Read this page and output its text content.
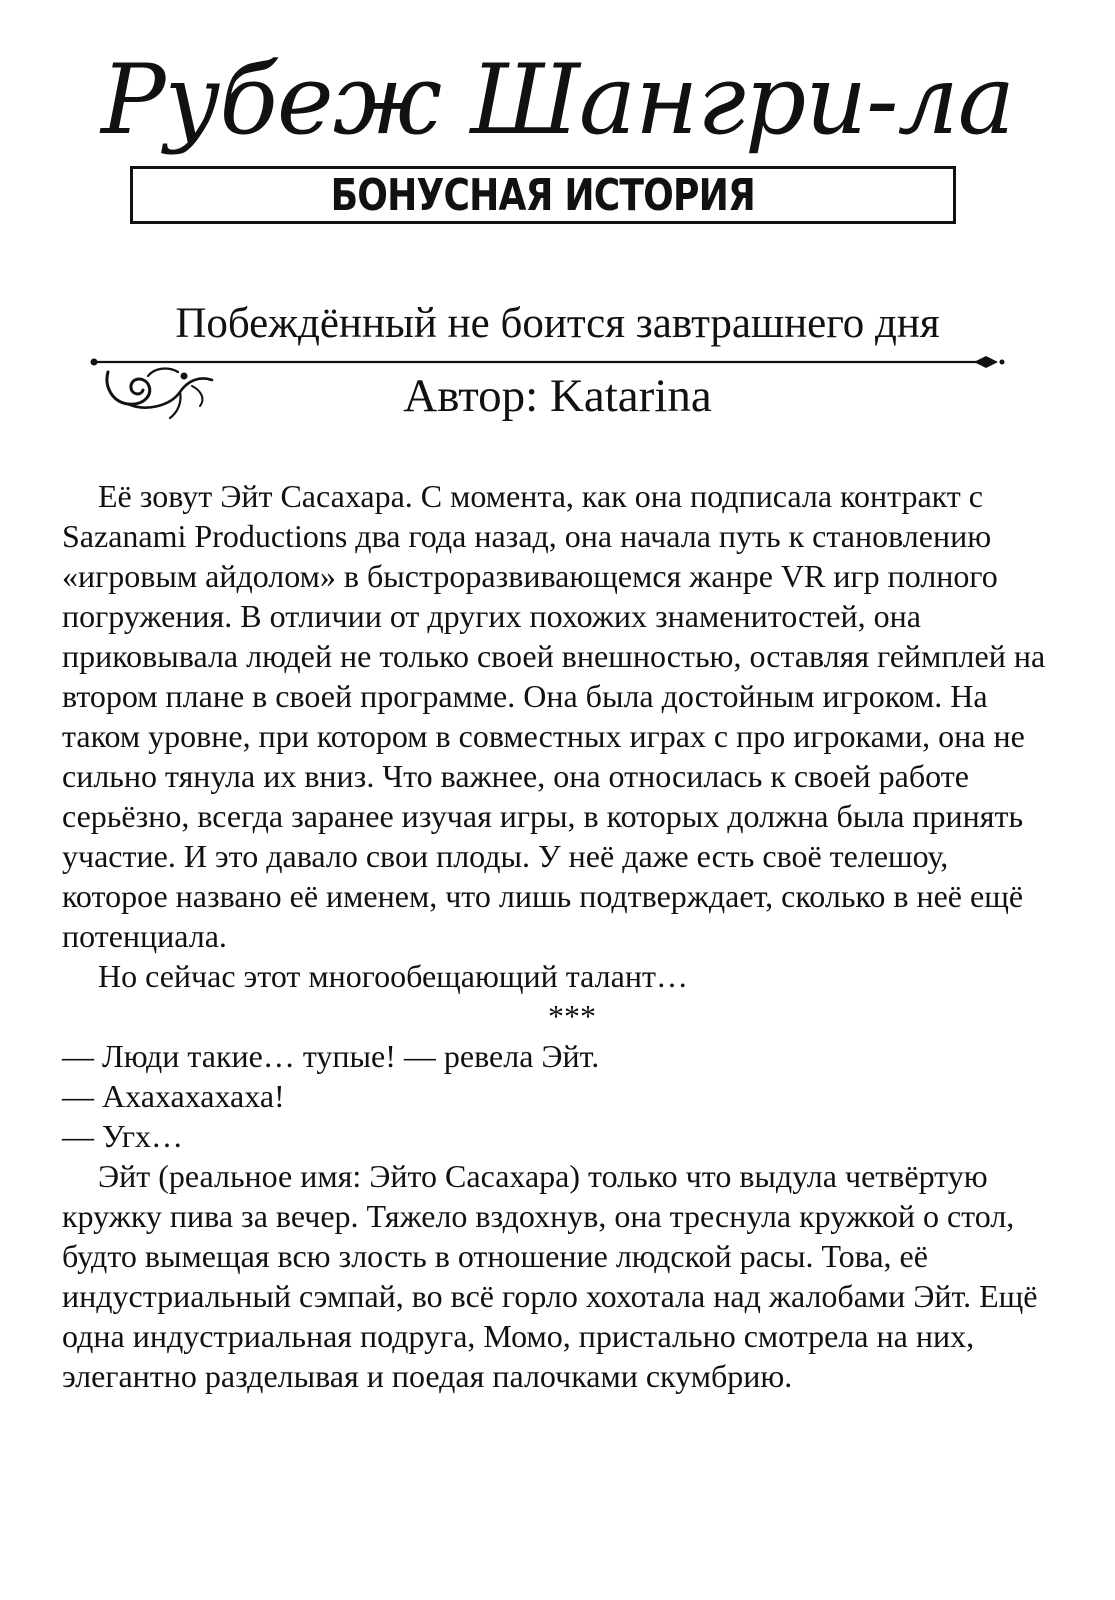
Рубеж Шангри-ла
БОНУСНАЯ ИСТОРИЯ
Побеждённый не боится завтрашнего дня
Автор: Katarina

Её зовут Эйт Сасахара. С момента, как она подписала контракт с Sazanami Productions два года назад, она начала путь к становлению «игровым айдолом» в быстроразвивающемся жанре VR игр полного погружения. В отличии от других похожих знаменитостей, она приковывала людей не только своей внешностью, оставляя геймплей на втором плане в своей программе. Она была достойным игроком. На таком уровне, при котором в совместных играх с про игроками, она не сильно тянула их вниз. Что важнее, она относилась к своей работе серьёзно, всегда заранее изучая игры, в которых должна была принять участие. И это давало свои плоды. У неё даже есть своё телешоу, которое названо её именем, что лишь подтверждает, сколько в неё ещё потенциала.

Но сейчас этот многообещающий талант…

***

— Люди такие… тупые! — ревела Эйт.

— Ахахахахаха!

— Угх…

Эйт (реальное имя: Эйто Сасахара) только что выдула четвёртую кружку пива за вечер. Тяжело вздохнув, она треснула кружкой о стол, будто вымещая всю злость в отношение людской расы. Това, её индустриальный сэмпай, во всё горло хохотала над жалобами Эйт. Ещё одна индустриальная подруга, Момо, пристально смотрела на них, элегантно разделывая и поедая палочками скумбрию.
